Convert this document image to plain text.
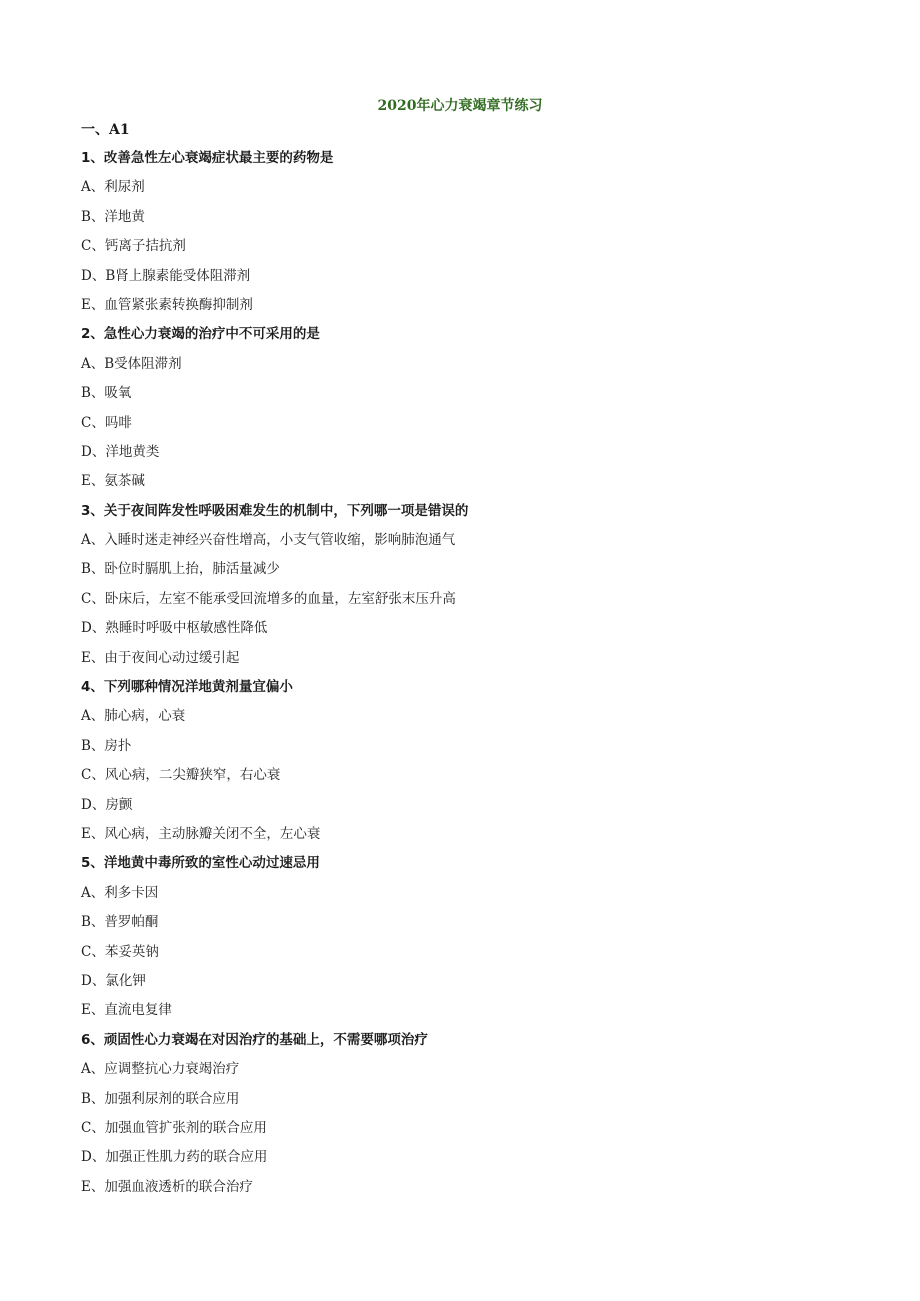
2020年心力衰竭章节练习
一、A1
1、改善急性左心衰竭症状最主要的药物是
A、利尿剂
B、洋地黄
C、钙离子拮抗剂
D、B肾上腺素能受体阻滞剂
E、血管紧张素转换酶抑制剂
2、急性心力衰竭的治疗中不可采用的是
A、B受体阻滞剂
B、吸氧
C、吗啡
D、洋地黄类
E、氨茶碱
3、关于夜间阵发性呼吸困难发生的机制中，下列哪一项是错误的
A、入睡时迷走神经兴奋性增高，小支气管收缩，影响肺泡通气
B、卧位时膈肌上抬，肺活量减少
C、卧床后，左室不能承受回流增多的血量，左室舒张末压升高
D、熟睡时呼吸中枢敏感性降低
E、由于夜间心动过缓引起
4、下列哪种情况洋地黄剂量宜偏小
A、肺心病，心衰
B、房扑
C、风心病，二尖瓣狭窄，右心衰
D、房颤
E、风心病，主动脉瓣关闭不全，左心衰
5、洋地黄中毒所致的室性心动过速忌用
A、利多卡因
B、普罗帕酮
C、苯妥英钠
D、氯化钾
E、直流电复律
6、顽固性心力衰竭在对因治疗的基础上，不需要哪项治疗
A、应调整抗心力衰竭治疗
B、加强利尿剂的联合应用
C、加强血管扩张剂的联合应用
D、加强正性肌力药的联合应用
E、加强血液透析的联合治疗
